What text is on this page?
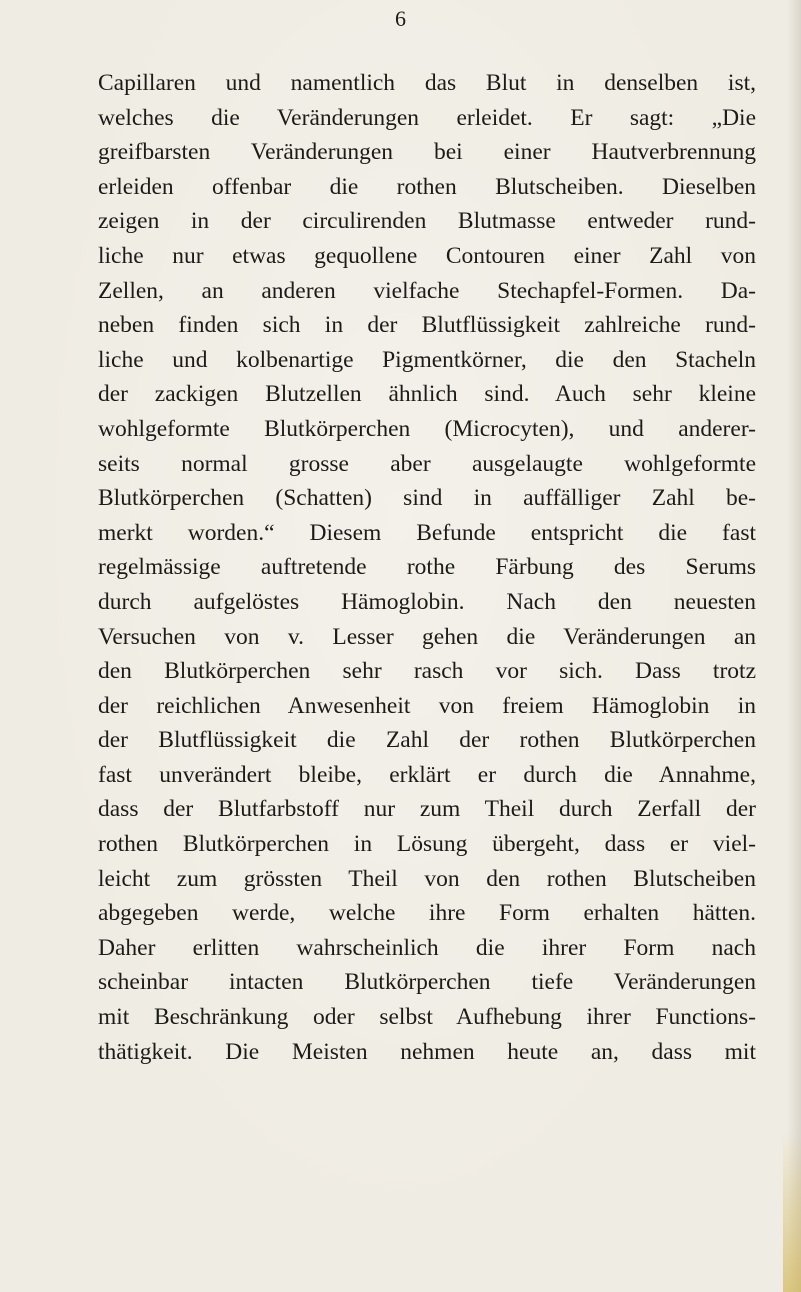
6
Capillaren und namentlich das Blut in denselben ist,
welches die Veränderungen erleidet. Er sagt: „Die
greifbarsten Veränderungen bei einer Hautverbrennung
erleiden offenbar die rothen Blutscheiben. Dieselben
zeigen in der circulirenden Blutmasse entweder rund-
liche nur etwas gequollene Contouren einer Zahl von
Zellen, an anderen vielfache Stechapfel-Formen. Da-
neben finden sich in der Blutflüssigkeit zahlreiche rund-
liche und kolbenartige Pigmentkörner, die den Stacheln
der zackigen Blutzellen ähnlich sind. Auch sehr kleine
wohlgeformte Blutkörperchen (Microcyten), und anderer-
seits normal grosse aber ausgelaugte wohlgeformte
Blutkörperchen (Schatten) sind in auffälliger Zahl be-
merkt worden.“ Diesem Befunde entspricht die fast
regelmässige auftretende rothe Färbung des Serums
durch aufgelöstes Hämoglobin. Nach den neuesten
Versuchen von v. Lesser gehen die Veränderungen an
den Blutkörperchen sehr rasch vor sich. Dass trotz
der reichlichen Anwesenheit von freiem Hämoglobin in
der Blutflüssigkeit die Zahl der rothen Blutkörperchen
fast unverändert bleibe, erklärt er durch die Annahme,
dass der Blutfarbstoff nur zum Theil durch Zerfall der
rothen Blutkörperchen in Lösung übergeht, dass er viel-
leicht zum grössten Theil von den rothen Blutscheiben
abgegeben werde, welche ihre Form erhalten hätten.
Daher erlitten wahrscheinlich die ihrer Form nach
scheinbar intacten Blutkörperchen tiefe Veränderungen
mit Beschränkung oder selbst Aufhebung ihrer Functions-
thätigkeit. Die Meisten nehmen heute an, dass mit
